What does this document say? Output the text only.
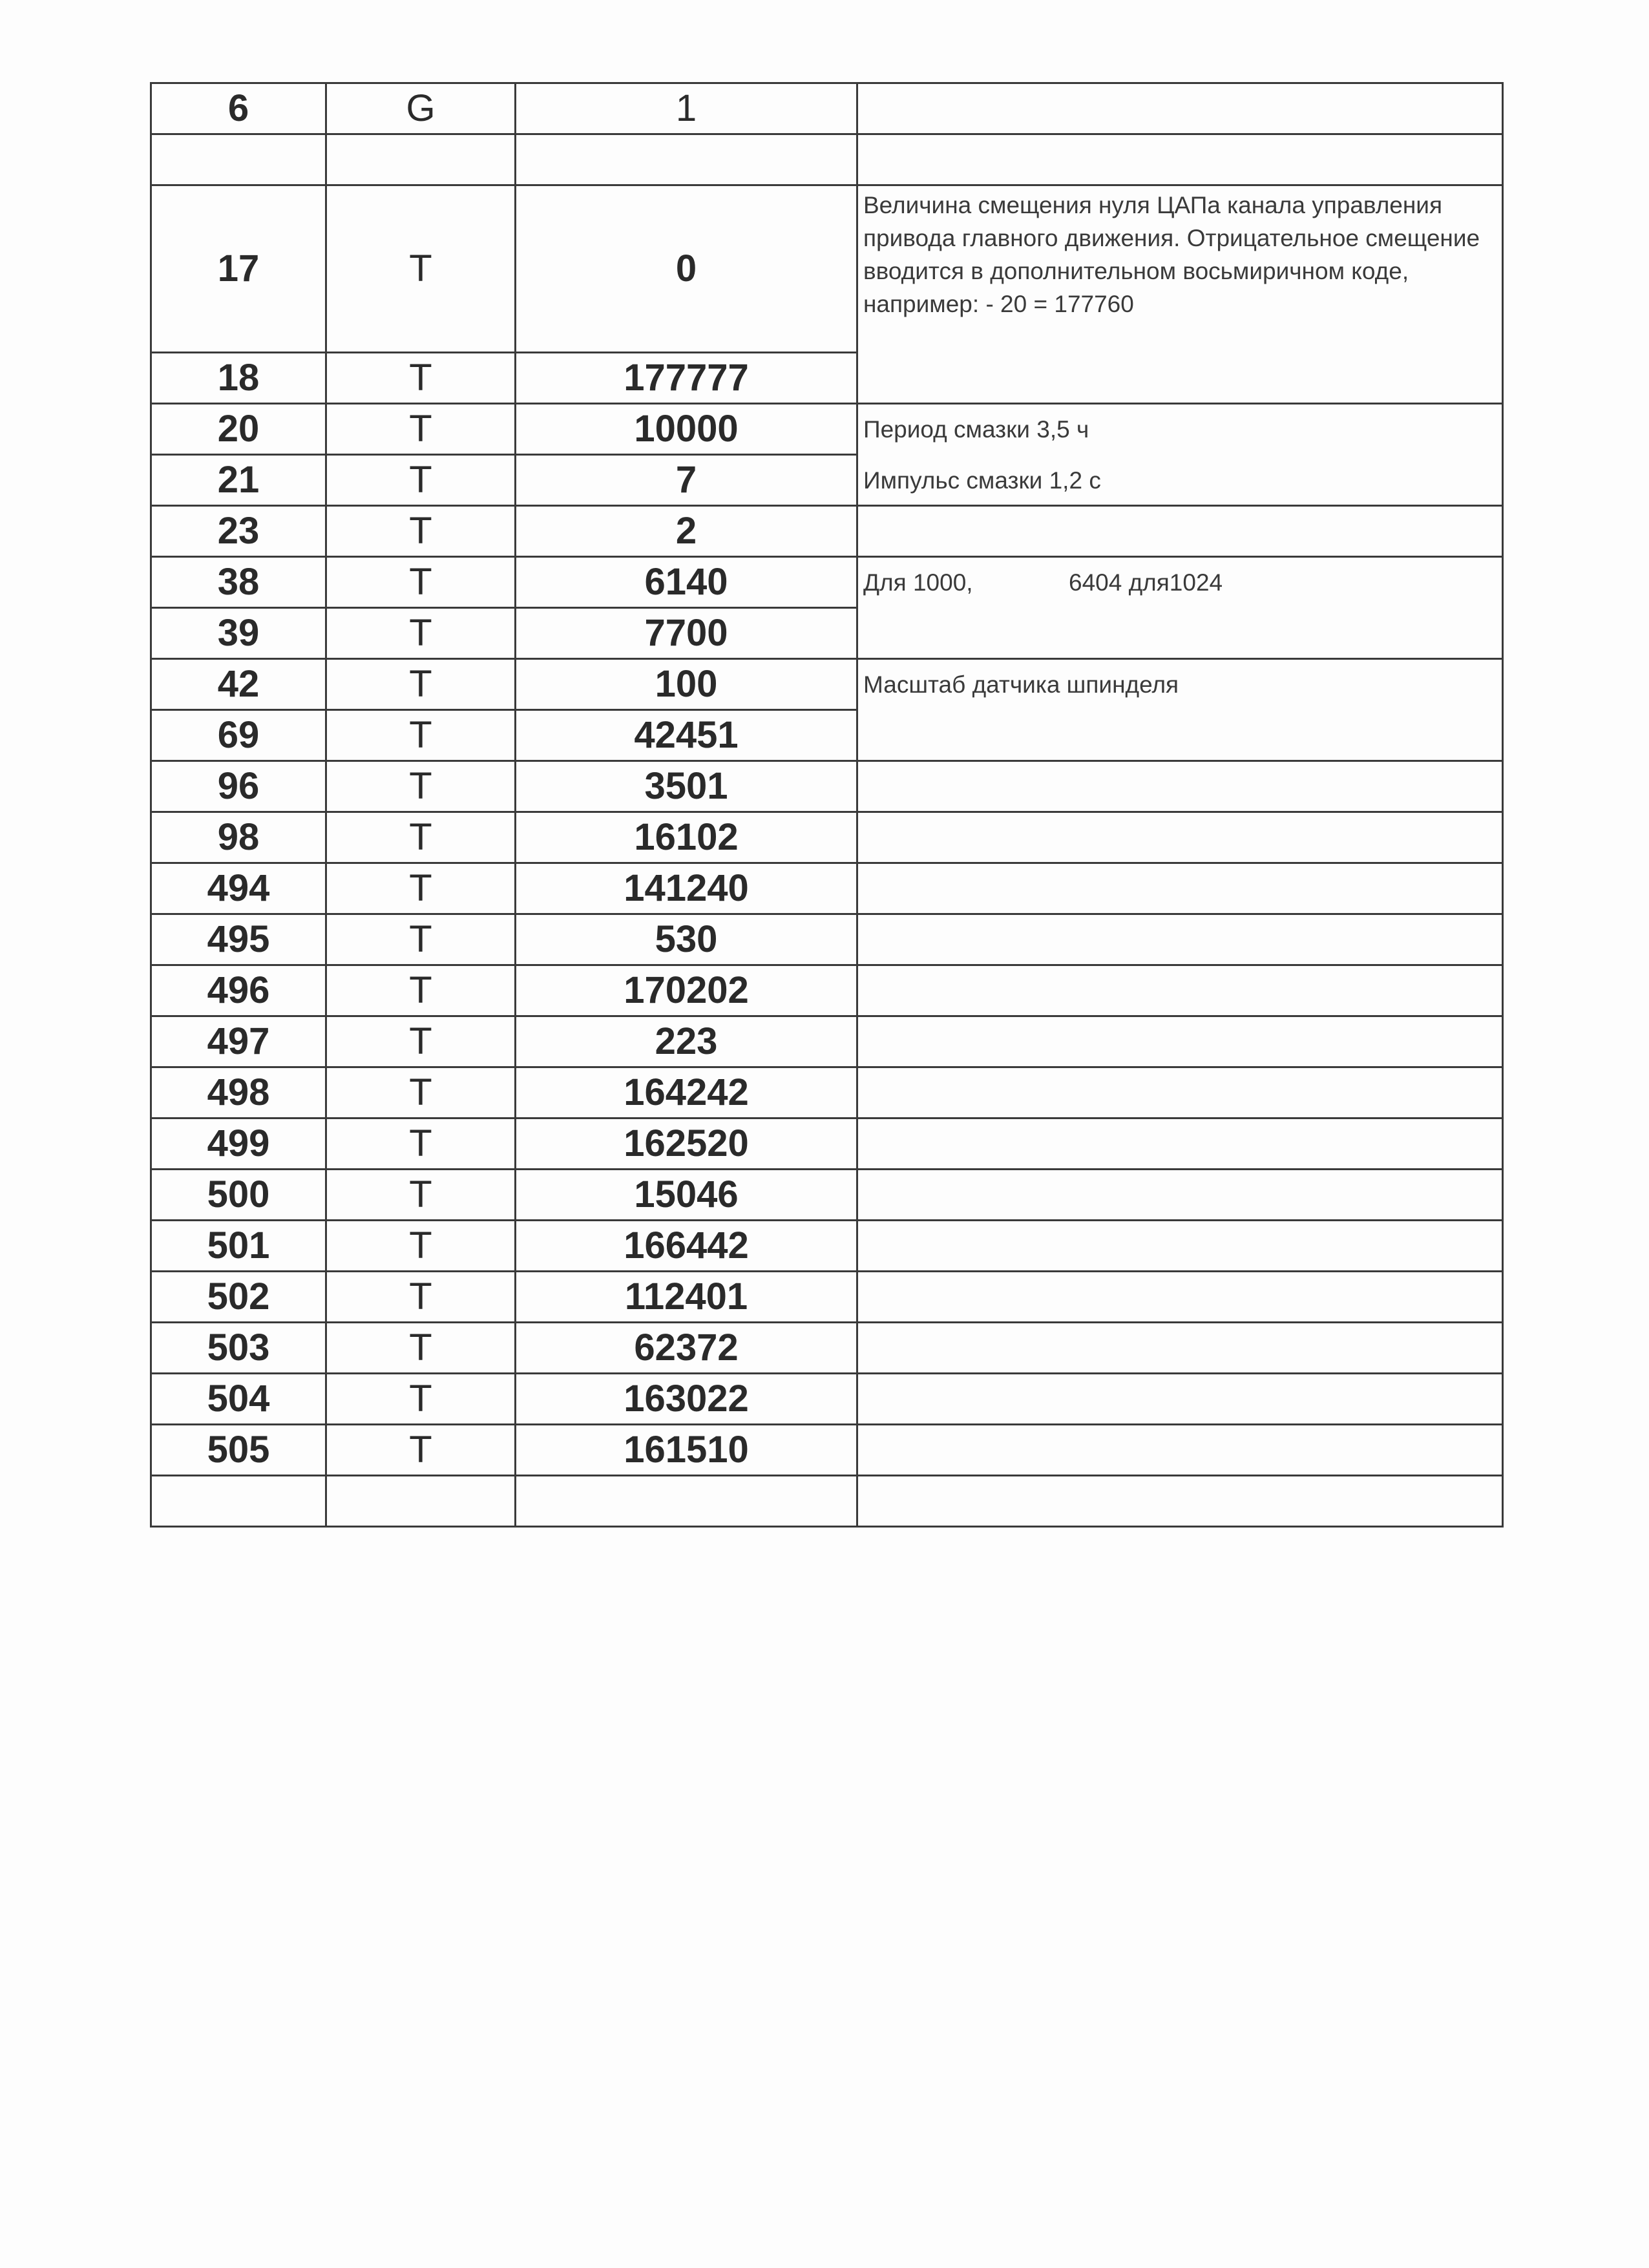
6	G	1	

17	T	0	Величина смещения нуля ЦАПа канала управления привода главного движения. Отрицательное смещение вводится в дополнительном восьмиричном коде, например: - 20 = 177760
18	T	177777	
20	T	10000	Период смазки 3,5 ч
21	T	7	Импульс смазки 1,2 с
23	T	2	
38	T	6140	Для 1000, 6404 для1024
39	T	7700	
42	T	100	Масштаб датчика шпинделя
69	T	42451	
96	T	3501	
98	T	16102	
494	T	141240	
495	T	530	
496	T	170202	
497	T	223	
498	T	164242	
499	T	162520	
500	T	15046	
501	T	166442	
502	T	112401	
503	T	62372	
504	T	163022	
505	T	161510	
